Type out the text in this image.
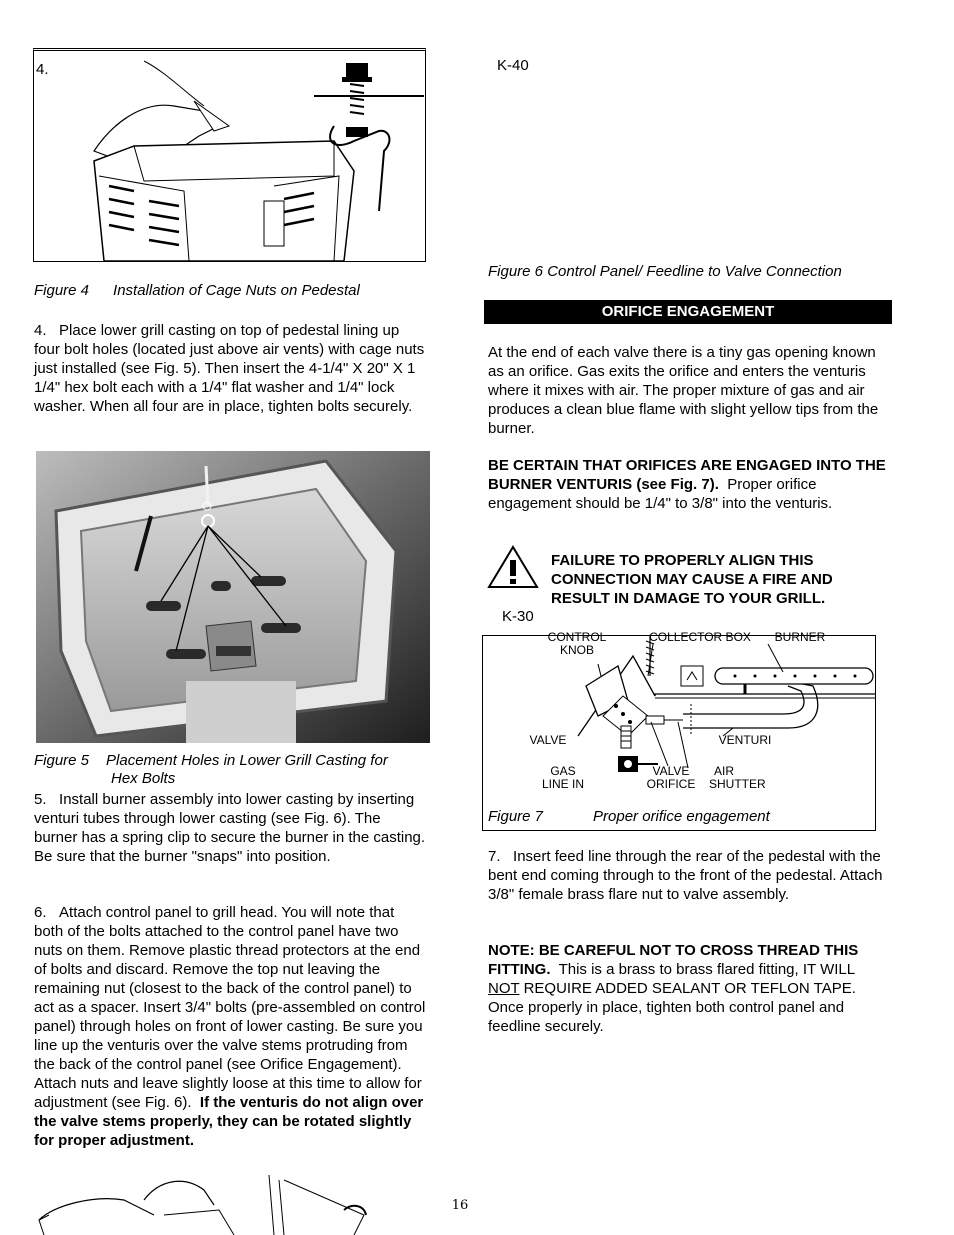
4.
Figure 4 Installation of Cage Nuts on Pedestal
4. Place lower grill casting on top of pedestal lining up four bolt holes (located just above air vents) with cage nuts just installed (see Fig. 5). Then insert the 4-1/4" X 20" X 1 1/4" hex bolt each with a 1/4" flat washer and 1/4" lock washer. When all four are in place, tighten bolts securely.
Figure 5 Placement Holes in Lower Grill Casting for
Hex Bolts
5. Install burner assembly into lower casting by inserting venturi tubes through lower casting (see Fig. 6). The burner has a spring clip to secure the burner in the casting. Be sure that the burner "snaps" into position.
6. Attach control panel to grill head. You will note that both of the bolts attached to the control panel have two nuts on them. Remove plastic thread protectors at the end of bolts and discard. Remove the top nut leaving the remaining nut (closest to the back of the control panel) to act as a spacer. Insert 3/4" bolts (pre-assembled on control panel) through holes on front of lower casting. Be sure you line up the venturis over the valve stems protruding from the back of the control panel (see Orifice Engagement). Attach nuts and leave slightly loose at this time to allow for adjustment (see Fig. 6). If the venturis do not align over the valve stems properly, they can be rotated slightly for proper adjustment.
K-40
Figure 6 Control Panel/ Feedline to Valve Connection
ORIFICE ENGAGEMENT
At the end of each valve there is a tiny gas opening known as an orifice. Gas exits the orifice and enters the venturis where it mixes with air. The proper mixture of gas and air produces a clean blue flame with slight yellow tips from the burner.
BE CERTAIN THAT ORIFICES ARE ENGAGED INTO THE BURNER VENTURIS (see Fig. 7). Proper orifice engagement should be 1/4" to 3/8" into the venturis.
FAILURE TO PROPERLY ALIGN THIS CONNECTION MAY CAUSE A FIRE AND RESULT IN DAMAGE TO YOUR GRILL.
K-30
CONTROL
KNOB
COLLECTOR BOX	BURNER
VALVE	VENTURI
GAS
LINE IN
VALVE
ORIFICE
AIR
SHUTTER
Figure 7	Proper orifice engagement
7. Insert feed line through the rear of the pedestal with the bent end coming through to the front of the pedestal. Attach 3/8" female brass flare nut to valve assembly.
NOTE: BE CAREFUL NOT TO CROSS THREAD THIS FITTING. This is a brass to brass flared fitting, IT WILL NOT REQUIRE ADDED SEALANT OR TEFLON TAPE. Once properly in place, tighten both control panel and feedline securely.
16
